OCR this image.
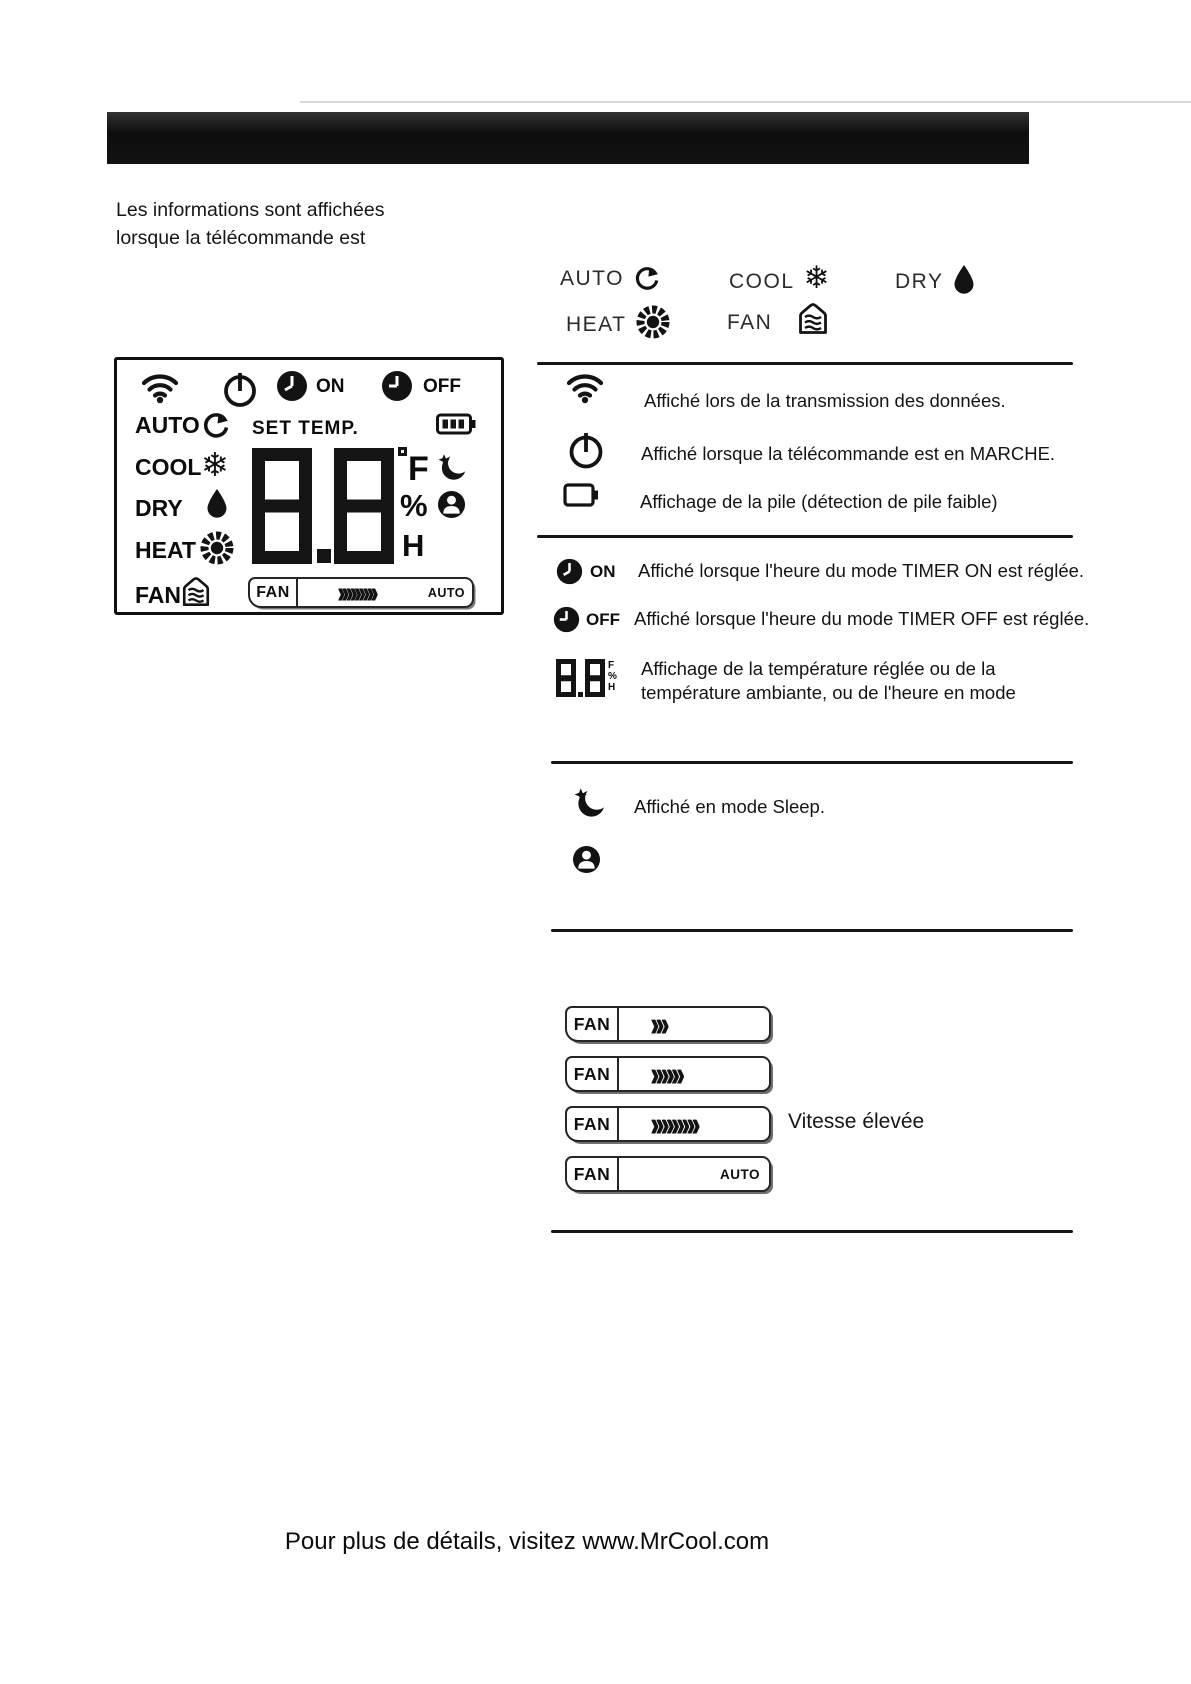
Les informations sont affichées
lorsque la télécommande est
AUTO	COOL ❄	DRY
HEAT	FAN
ON	OFF
AUTO	SET TEMP.
COOL ❄
DRY
HEAT
FAN
F
%
H
FAN	›››››››››	AUTO
Affiché lors de la transmission des données.
Affiché lorsque la télécommande est en MARCHE.
Affichage de la pile (détection de pile faible)
ON Affiché lorsque l'heure du mode TIMER ON est réglée.
OFF Affiché lorsque l'heure du mode TIMER OFF est réglée.
F
%
H
Affichage de la température réglée ou de la
température ambiante, ou de l'heure en mode
Affiché en mode Sleep.
FAN	›››
FAN	››››››
FAN	›››››››››	Vitesse élevée
FAN	AUTO
Pour plus de détails, visitez www.MrCool.com
